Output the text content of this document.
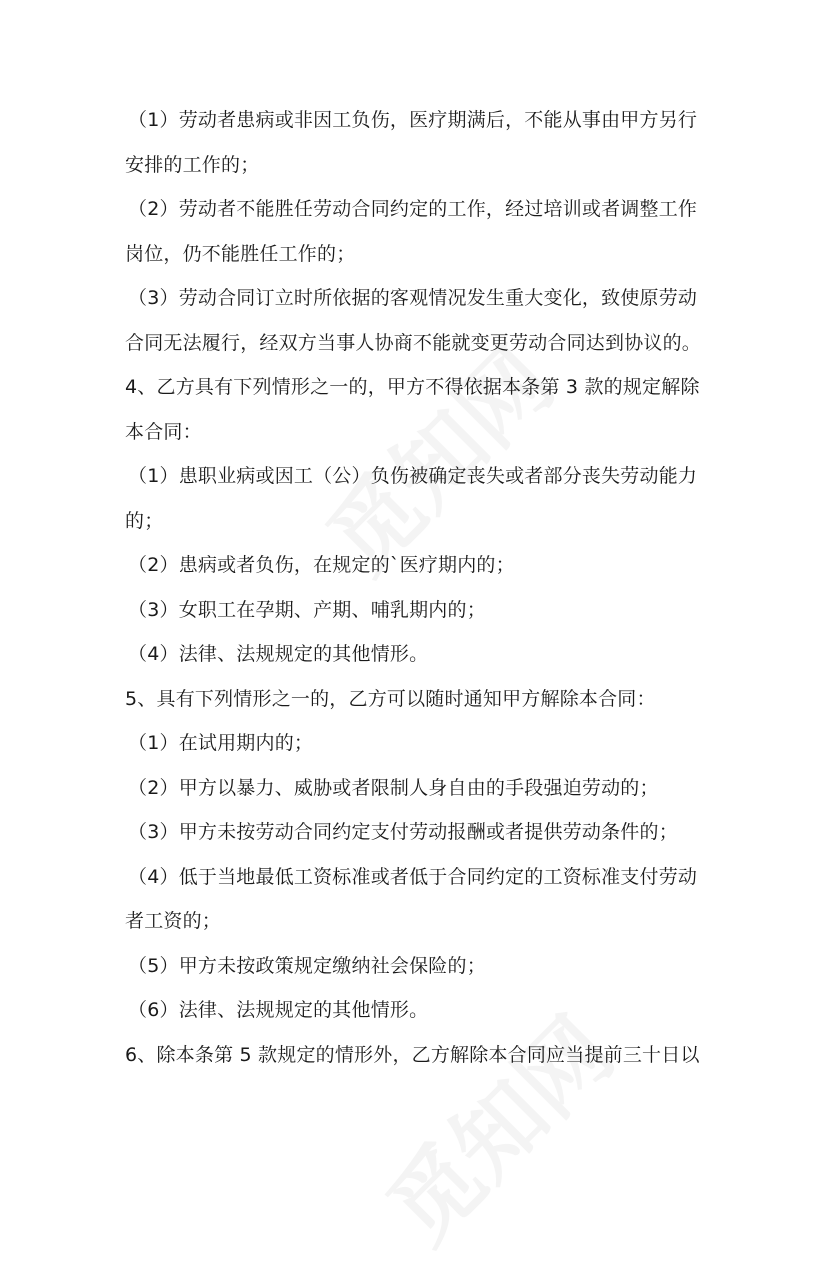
（1）劳动者患病或非因工负伤，医疗期满后，不能从事由甲方另行
安排的工作的；
（2）劳动者不能胜任劳动合同约定的工作，经过培训或者调整工作
岗位，仍不能胜任工作的；
（3）劳动合同订立时所依据的客观情况发生重大变化，致使原劳动
合同无法履行，经双方当事人协商不能就变更劳动合同达到协议的。
4、乙方具有下列情形之一的，甲方不得依据本条第 3 款的规定解除
本合同：
（1）患职业病或因工（公）负伤被确定丧失或者部分丧失劳动能力
的；
（2）患病或者负伤，在规定的`医疗期内的；
（3）女职工在孕期、产期、哺乳期内的；
（4）法律、法规规定的其他情形。
5、具有下列情形之一的，乙方可以随时通知甲方解除本合同：
（1）在试用期内的；
（2）甲方以暴力、威胁或者限制人身自由的手段强迫劳动的；
（3）甲方未按劳动合同约定支付劳动报酬或者提供劳动条件的；
（4）低于当地最低工资标准或者低于合同约定的工资标准支付劳动
者工资的；
（5）甲方未按政策规定缴纳社会保险的；
（6）法律、法规规定的其他情形。
6、除本条第 5 款规定的情形外，乙方解除本合同应当提前三十日以
